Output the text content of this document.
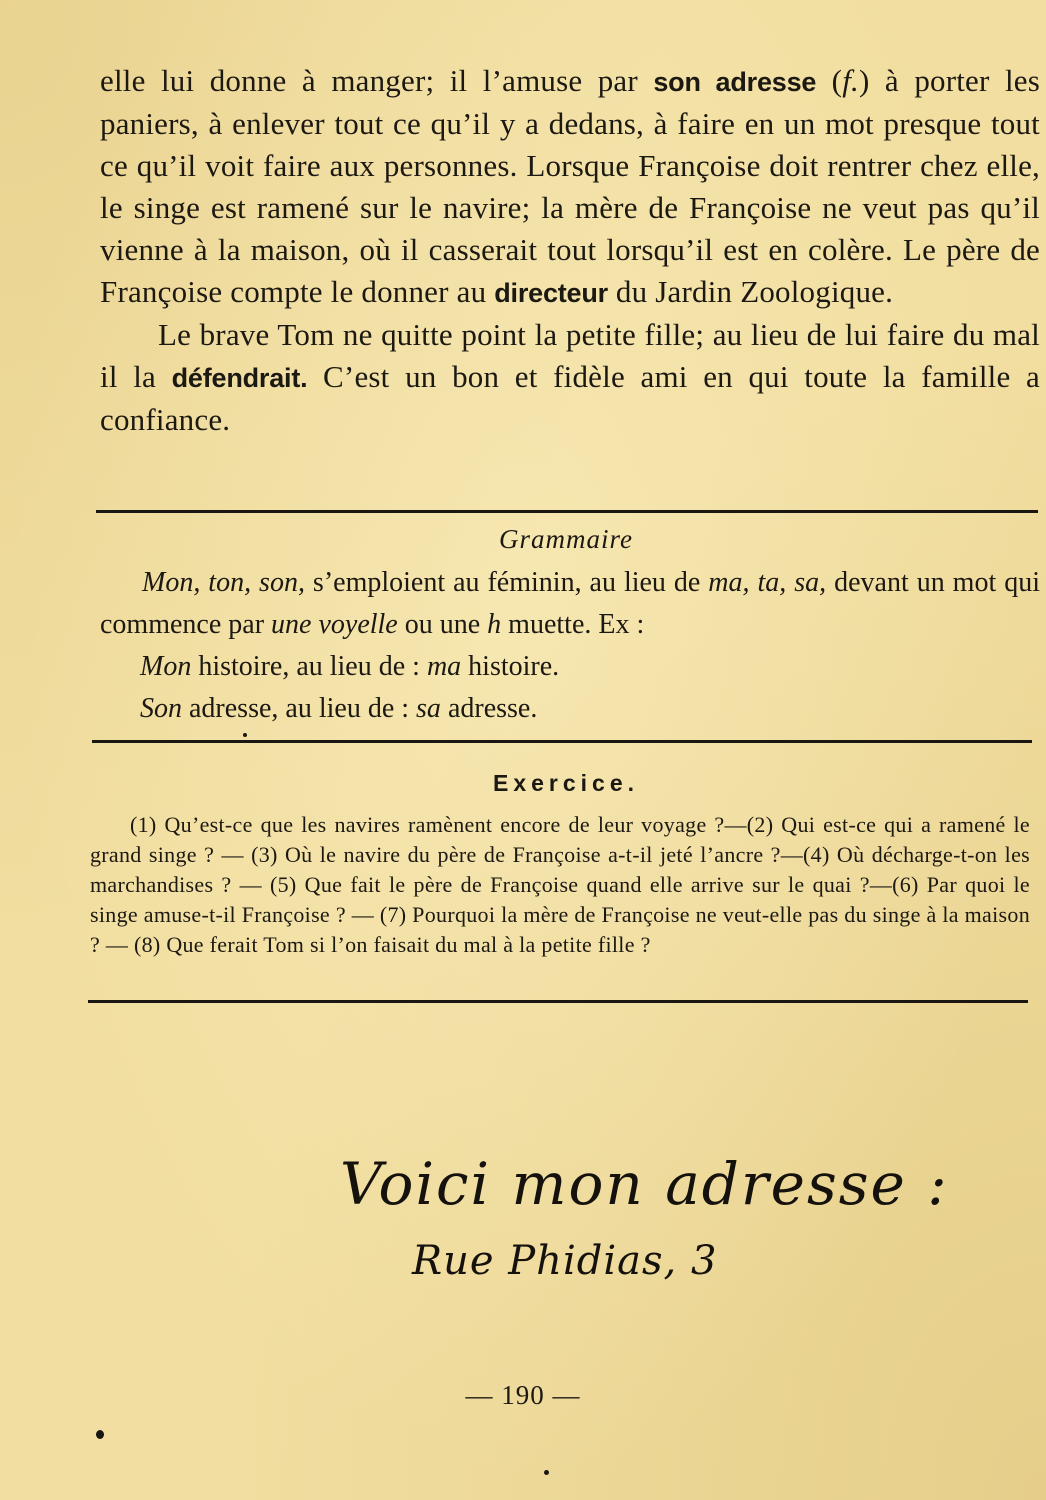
elle lui donne à manger; il l’amuse par son adresse (f.) à porter les paniers, à enlever tout ce qu’il y a dedans, à faire en un mot presque tout ce qu’il voit faire aux personnes. Lorsque Françoise doit rentrer chez elle, le singe est ramené sur le navire; la mère de Françoise ne veut pas qu’il vienne à la maison, où il casserait tout lorsqu’il est en colère. Le père de Françoise compte le donner au directeur du Jardin Zoologique.

Le brave Tom ne quitte point la petite fille; au lieu de lui faire du mal il la défendrait. C’est un bon et fidèle ami en qui toute la famille a confiance.

Grammaire

Mon, ton, son, s’emploient au féminin, au lieu de ma, ta, sa, devant un mot qui commence par une voyelle ou une h muette. Ex :

Mon histoire, au lieu de : ma histoire.

Son adresse, au lieu de : sa adresse.

Exercice.

(1) Qu’est-ce que les navires ramènent encore de leur voyage ?—(2) Qui est-ce qui a ramené le grand singe ? — (3) Où le navire du père de Françoise a-t-il jeté l’ancre ?—(4) Où décharge-t-on les marchandises ? — (5) Que fait le père de Françoise quand elle arrive sur le quai ?—(6) Par quoi le singe amuse-t-il Françoise ? — (7) Pourquoi la mère de Françoise ne veut-elle pas du singe à la maison ? — (8) Que ferait Tom si l’on faisait du mal à la petite fille ?

Voici mon adresse :
Rue Phidias, 3
— 190 —
